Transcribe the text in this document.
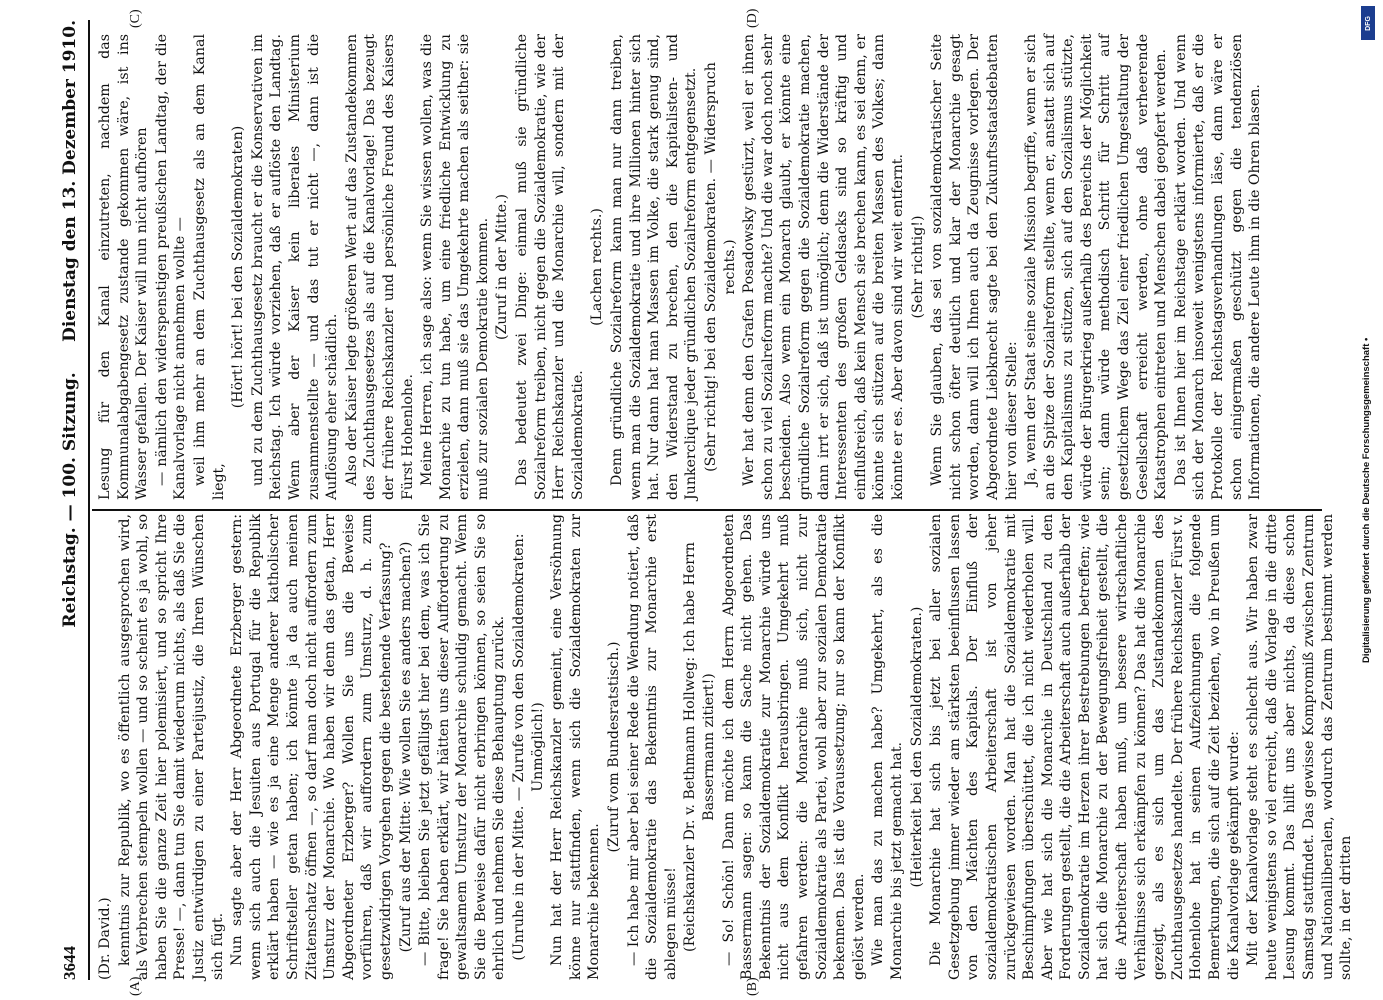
3644
Reichstag. — 100. Sitzung.
Dienstag den 13. Dezember 1910.
(A)	(B)
(C)	(D)

(Dr. David.) kenntnis zur Republik, wo es öffentlich ausgesprochen wird, als Verbrechen stempeln wollen — und so scheint es ja wohl, so haben Sie die ganze Zeit hier polemisiert, und so spricht Ihre Presse! —, dann tun Sie damit wiederum nichts, als daß Sie die Justiz entwürdigen zu einer Parteijustiz, die Ihren Wünschen sich fügt. Nun sagte aber der Herr Abgeordnete Erzberger gestern: wenn sich auch die Jesuiten aus Portugal für die Republik erklärt haben — wie es ja eine Menge anderer katholischer Schriftsteller getan haben; ich könnte ja da auch meinen Zitatenschatz öffnen —, so darf man doch nicht auffordern zum Umsturz der Monarchie. Wo haben wir denn das getan, Herr Abgeordneter Erzberger? Wollen Sie uns die Beweise vorführen, daß wir auffordern zum Umsturz, d. h. zum gesetzwidrigen Vorgehen gegen die bestehende Verfassung? (Zuruf aus der Mitte: Wie wollen Sie es anders machen?) — Bitte, bleiben Sie jetzt gefälligst hier bei dem, was ich Sie frage! Sie haben erklärt, wir hätten uns dieser Aufforderung zu gewaltsamem Umsturz der Monarchie schuldig gemacht. Wenn Sie die Beweise dafür nicht erbringen können, so seien Sie so ehrlich und nehmen Sie diese Behauptung zurück. (Unruhe in der Mitte. — Zurufe von den Sozialdemokraten: Unmöglich!) Nun hat der Herr Reichskanzler gemeint, eine Versöhnung könne nur stattfinden, wenn sich die Sozialdemokraten zur Monarchie bekennen.

(Zuruf vom Bundesratstisch.) — Ich habe mir aber bei seiner Rede die Wendung notiert, daß die Sozialdemokratie das Bekenntnis zur Monarchie erst ablegen müsse! (Reichskanzler Dr. v. Bethmann Hollweg: Ich habe Herrn Bassermann zitiert!) — So! Schön! Dann möchte ich dem Herrn Abgeordneten Bassermann sagen: so kann die Sache nicht gehen. Das Bekenntnis der Sozialdemokratie zur Monarchie würde uns nicht aus dem Konflikt herausbringen. Umgekehrt muß gefahren werden: die Monarchie muß sich, nicht zur Sozialdemokratie als Partei, wohl aber zur sozialen Demokratie bekennen. Das ist die Voraussetzung; nur so kann der Konflikt gelöst werden. Wie man das zu machen habe? Umgekehrt, als es die Monarchie bis jetzt gemacht hat. (Heiterkeit bei den Sozialdemokraten.) Die Monarchie hat sich bis jetzt bei aller sozialen Gesetzgebung immer wieder am stärksten beeinflussen lassen von den Mächten des Kapitals. Der Einfluß der sozialdemokratischen Arbeiterschaft ist von jeher zurückgewiesen worden. Man hat die Sozialdemokratie mit Beschimpfungen überschüttet, die ich nicht wiederholen will. Aber wie hat sich die Monarchie in Deutschland zu den Forderungen gestellt, die die Arbeiterschaft auch außerhalb der Sozialdemokratie im Herzen ihrer Bestrebungen betreffen; wie hat sich die Monarchie zu der Bewegungsfreiheit gestellt, die die Arbeiterschaft haben muß, um bessere wirtschaftliche Verhältnisse sich erkämpfen zu können? Das hat die Monarchie gezeigt, als es sich um das Zustandekommen des Zuchthausgesetzes handelte. Der frühere Reichskanzler Fürst v. Hohenlohe hat in seinen Aufzeichnungen die folgende Bemerkungen, die sich auf die Zeit beziehen, wo in Preußen um die Kanalvorlage gekämpft wurde: Mit der Kanalvorlage steht es schlecht aus. Wir haben zwar heute wenigstens so viel erreicht, daß die Vorlage in die dritte Lesung kommt. Das hilft uns aber nichts, da diese schon Samstag stattfindet. Das gewisse Kompromiß zwischen Zentrum und Nationalliberalen, wodurch das Zentrum bestimmt werden sollte, in der dritten

Lesung für den Kanal einzutreten, nachdem das Kommunalabgabengesetz zustande gekommen wäre, ist ins Wasser gefallen. Der Kaiser will nun nicht aufhören — nämlich den widerspenstigen preußischen Landtag, der die Kanalvorlage nicht annehmen wollte — weil ihm mehr an dem Zuchthausgesetz als an dem Kanal liegt,

(Hört! hört! bei den Sozialdemokraten) und zu dem Zuchthausgesetz braucht er die Konservativen im Reichstag. Ich würde vorziehen, daß er auflöste den Landtag. Wenn aber der Kaiser kein liberales Ministerium zusammenstellte — und das tut er nicht —, dann ist die Auflösung eher schädlich. Also der Kaiser legte größeren Wert auf das Zustandekommen des Zuchthausgesetzes als auf die Kanalvorlage! Das bezeugt der frühere Reichskanzler und persönliche Freund des Kaisers Fürst Hohenlohe. Meine Herren, ich sage also: wenn Sie wissen wollen, was die Monarchie zu tun habe, um eine friedliche Entwicklung zu erzielen, dann muß sie das Umgekehrte machen als seither: sie muß zur sozialen Demokratie kommen. (Zuruf in der Mitte.) Das bedeutet zwei Dinge: einmal muß sie gründliche Sozialreform treiben, nicht gegen die Sozialdemokratie, wie der Herr Reichskanzler und die Monarchie will, sondern mit der Sozialdemokratie.

(Lachen rechts.) Denn gründliche Sozialreform kann man nur dann treiben, wenn man die Sozialdemokratie und ihre Millionen hinter sich hat. Nur dann hat man Massen im Volke, die stark genug sind, den Widerstand zu brechen, den die Kapitalisten- und Junkerclique jeder gründlichen Sozialreform entgegensetzt. (Sehr richtig! bei den Sozialdemokraten. — Widerspruch rechts.) Wer hat denn den Grafen Posadowsky gestürzt, weil er ihnen schon zu viel Sozialreform machte? Und die war doch noch sehr bescheiden. Also wenn ein Monarch glaubt, er könnte eine gründliche Sozialreform gegen die Sozialdemokratie machen, dann irrt er sich, daß ist unmöglich; denn die Widerstände der Interessenten des großen Geldsacks sind so kräftig und einflußreich, daß kein Mensch sie brechen kann, es sei denn, er könnte sich stützen auf die breiten Massen des Volkes; dann könnte er es. Aber davon sind wir weit entfernt. (Sehr richtig!) Wenn Sie glauben, das sei von sozialdemokratischer Seite nicht schon öfter deutlich und klar der Monarchie gesagt worden, dann will ich Ihnen auch da Zeugnisse vorlegen. Der Abgeordnete Liebknecht sagte bei den Zukunftsstaatsdebatten hier von dieser Stelle: Ja, wenn der Staat seine soziale Mission begriffe, wenn er sich an die Spitze der Sozialreform stellte, wenn er, anstatt sich auf den Kapitalismus zu stützen, sich auf den Sozialismus stützte, würde der Bürgerkrieg außerhalb des Bereichs der Möglichkeit sein; dann würde methodisch Schritt für Schritt auf gesetzlichem Wege das Ziel einer friedlichen Umgestaltung der Gesellschaft erreicht werden, ohne daß verheerende Katastrophen eintreten und Menschen dabei geopfert werden. Das ist Ihnen hier im Reichstage erklärt worden. Und wenn sich der Monarch insoweit wenigstens informierte, daß er die Protokolle der Reichstagsverhandlungen läse, dann wäre er schon einigermaßen geschützt gegen die tendenziösen Informationen, die andere Leute ihm in die Ohren blasen.

DFG
Digitalisierung gefördert durch die Deutsche Forschungsgemeinschaft •
